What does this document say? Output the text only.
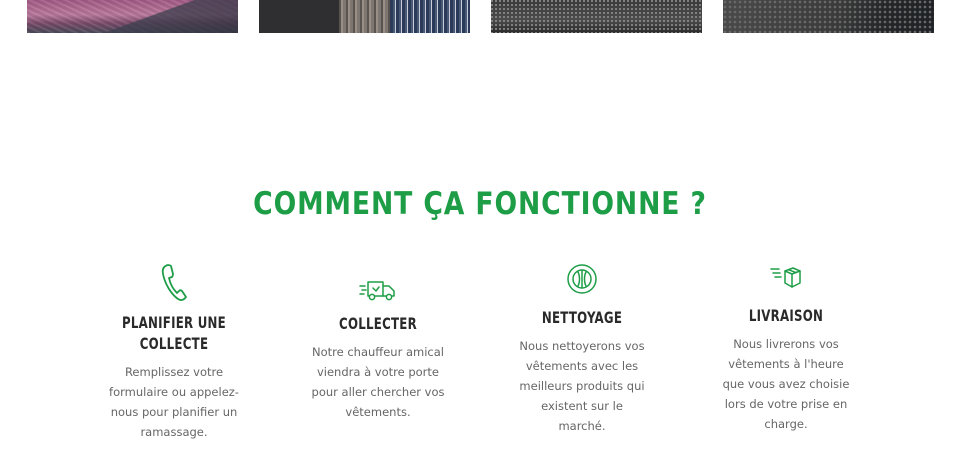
COMMENT ÇA FONCTIONNE ?
PLANIFIER UNE COLLECTE

Remplissez votre formulaire ou appelez-nous pour planifier un ramassage.

COLLECTER

Notre chauffeur amical viendra à votre porte pour aller chercher vos vêtements.

NETTOYAGE

Nous nettoyerons vos vêtements avec les meilleurs produits qui existent sur le marché.

LIVRAISON

Nous livrerons vos vêtements à l'heure que vous avez choisie lors de votre prise en charge.
